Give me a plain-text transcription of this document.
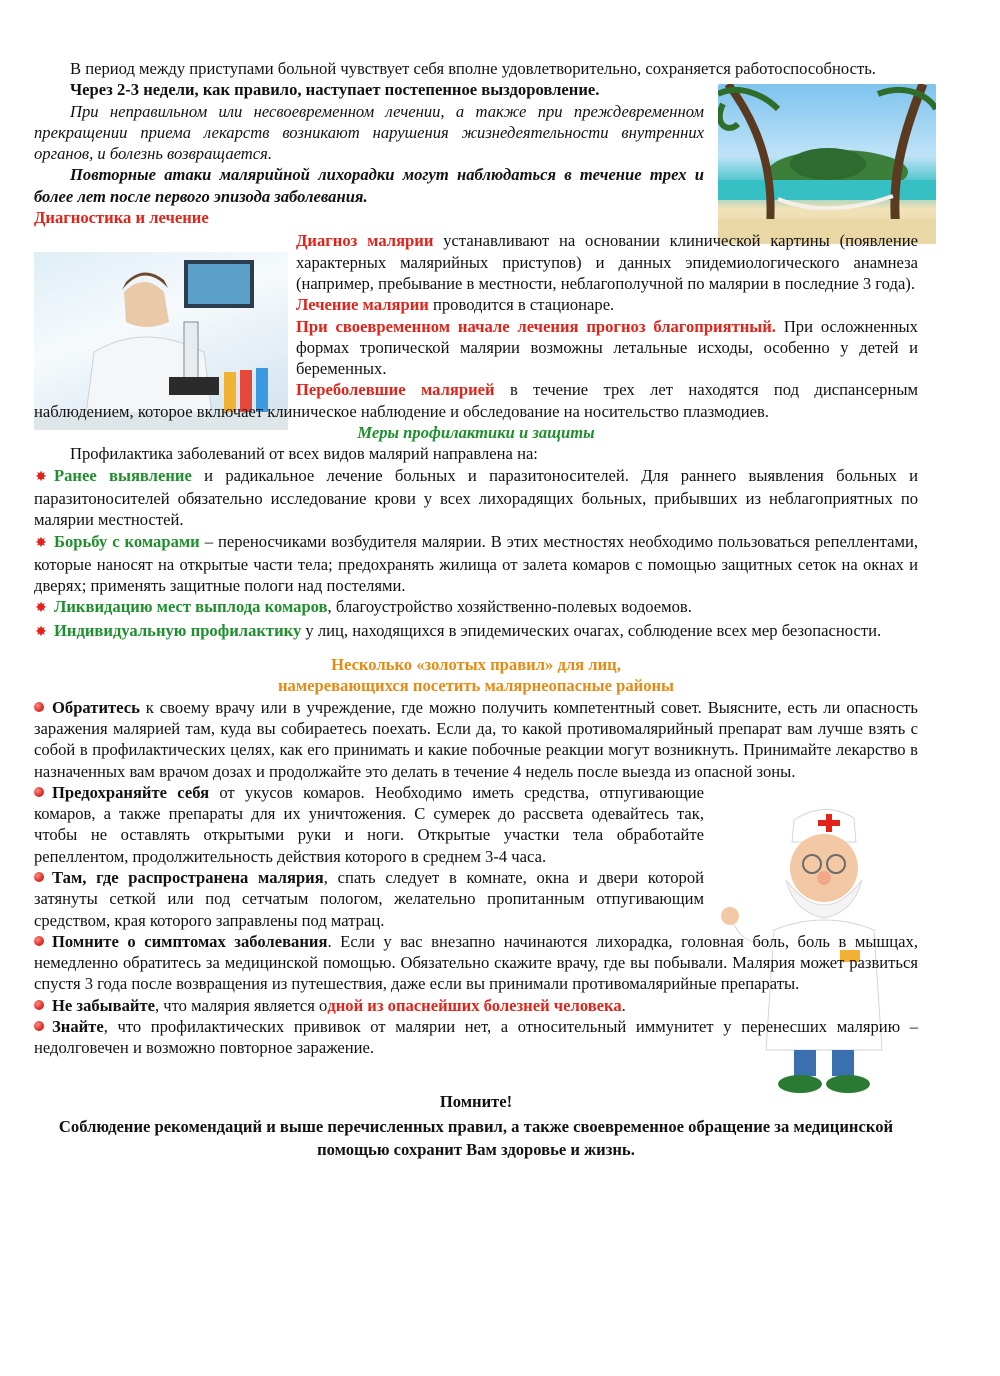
В период между приступами больной чувствует себя вполне удовлетворительно, сохраняется работоспособность.

Через 2-3 недели, как правило, наступает постепенное выздоровление.

При неправильном или несвоевременном лечении, а также при преждевременном прекращении приема лекарств возникают нарушения жизнедеятельности внутренних органов, и болезнь возвращается.

Повторные атаки малярийной лихорадки могут наблюдаться в течение трех и более лет после первого эпизода заболевания.

Диагностика и лечение

Диагноз малярии устанавливают на основании клинической картины (появление характерных малярийных приступов) и данных эпидемиологического анамнеза (например, пребывание в местности, неблагополучной по малярии в последние 3 года).

Лечение малярии проводится в стационаре.

При своевременном начале лечения прогноз благоприятный. При осложненных формах тропической малярии возможны летальные исходы, особенно у детей и беременных.

Переболевшие малярией в течение трех лет находятся под диспансерным наблюдением, которое включает клиническое наблюдение и обследование на носительство плазмодиев.

Меры профилактики и защиты

Профилактика заболеваний от всех видов малярий направлена на:

✸ Ранее выявление и радикальное лечение больных и паразитоносителей. Для раннего выявления больных и паразитоносителей обязательно исследование крови у всех лихорадящих больных, прибывших из неблагоприятных по малярии местностей.

✸ Борьбу с комарами – переносчиками возбудителя малярии. В этих местностях необходимо пользоваться репеллентами, которые наносят на открытые части тела; предохранять жилища от залета комаров с помощью защитных сеток на окнах и дверях; применять защитные пологи над постелями.

✸ Ликвидацию мест выплода комаров, благоустройство хозяйственно-полевых водоемов.

✸ Индивидуальную профилактику у лиц, находящихся в эпидемических очагах, соблюдение всех мер безопасности.

Несколько «золотых правил» для лиц,

намеревающихся посетить малярнеопасные районы

Обратитесь к своему врачу или в учреждение, где можно получить компетентный совет. Выясните, есть ли опасность заражения малярией там, куда вы собираетесь поехать. Если да, то какой противомалярийный препарат вам лучше взять с собой в профилактических целях, как его принимать и какие побочные реакции могут возникнуть. Принимайте лекарство в назначенных вам врачом дозах и продолжайте это делать в течение 4 недель после выезда из опасной зоны.

Предохраняйте себя от укусов комаров. Необходимо иметь средства, отпугивающие комаров, а также препараты для их уничтожения. С сумерек до рассвета одевайтесь так, чтобы не оставлять открытыми руки и ноги. Открытые участки тела обработайте репеллентом, продолжительность действия которого в среднем 3-4 часа.

Там, где распространена малярия, спать следует в комнате, окна и двери которой затянуты сеткой или под сетчатым пологом, желательно пропитанным отпугивающим средством, края которого заправлены под матрац.

Помните о симптомах заболевания. Если у вас внезапно начинаются лихорадка, головная боль, боль в мышцах, немедленно обратитесь за медицинской помощью. Обязательно скажите врачу, где вы побывали. Малярия может развиться спустя 3 года после возвращения из путешествия, даже если вы принимали противомалярийные препараты.

Не забывайте, что малярия является одной из опаснейших болезней человека.

Знайте, что профилактических прививок от малярии нет, а относительный иммунитет у перенесших малярию – недолговечен и возможно повторное заражение.

Помните!

Соблюдение рекомендаций и выше перечисленных правил, а также своевременное обращение за медицинской помощью сохранит Вам здоровье и жизнь.
